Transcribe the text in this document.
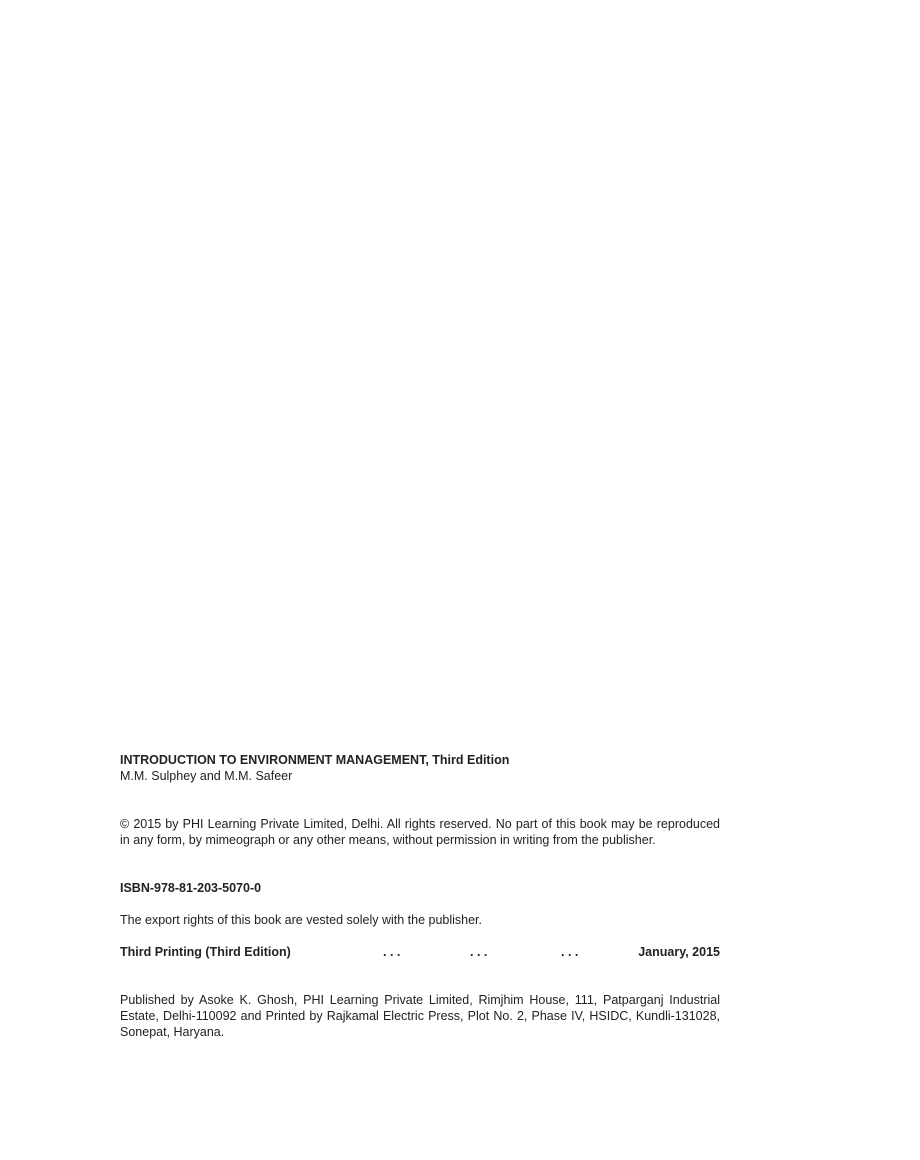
INTRODUCTION TO ENVIRONMENT MANAGEMENT, Third Edition
M.M. Sulphey and M.M. Safeer
© 2015 by PHI Learning Private Limited, Delhi. All rights reserved. No part of this book may be reproduced in any form, by mimeograph or any other means, without permission in writing from the publisher.
ISBN-978-81-203-5070-0
The export rights of this book are vested solely with the publisher.
Third Printing (Third Edition)	. . .	. . .	. . .	January, 2015
Published by Asoke K. Ghosh, PHI Learning Private Limited, Rimjhim House, 111, Patparganj Industrial Estate, Delhi-110092 and Printed by Rajkamal Electric Press, Plot No. 2, Phase IV, HSIDC, Kundli-131028, Sonepat, Haryana.
